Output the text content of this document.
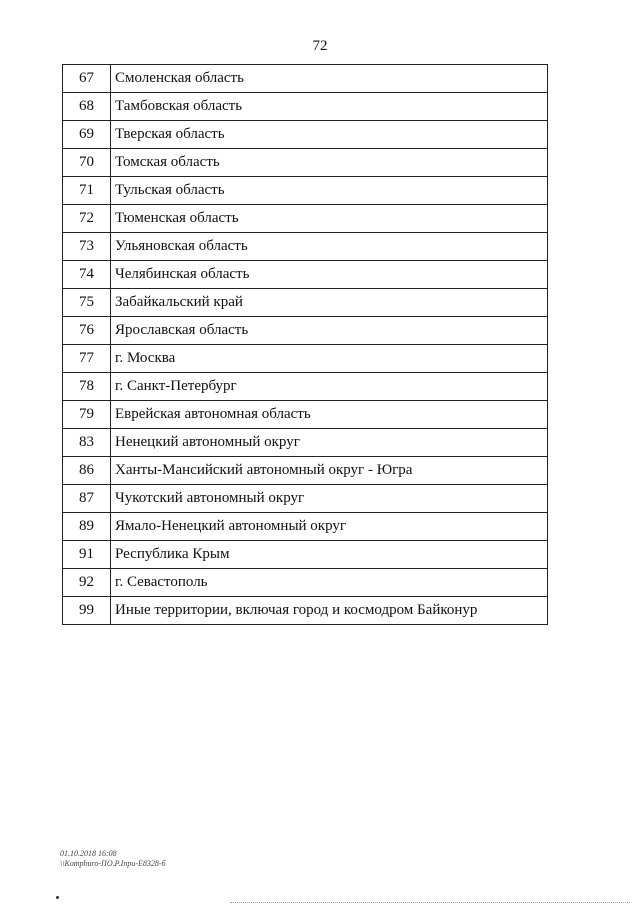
72
67	Смоленская область
68	Тамбовская область
69	Тверская область
70	Томская область
71	Тульская область
72	Тюменская область
73	Ульяновская область
74	Челябинская область
75	Забайкальский край
76	Ярославская область
77	г. Москва
78	г. Санкт-Петербург
79	Еврейская автономная область
83	Ненецкий автономный округ
86	Ханты-Мансийский автономный округ - Югра
87	Чукотский автономный округ
89	Ямало-Ненецкий автономный округ
91	Республика Крым
92	г. Севастополь
99	Иные территории, включая город и космодром Байконур
01.10.2018 16:08
\\Kompburo-ПО.Р.Inpu-Е8328-б
